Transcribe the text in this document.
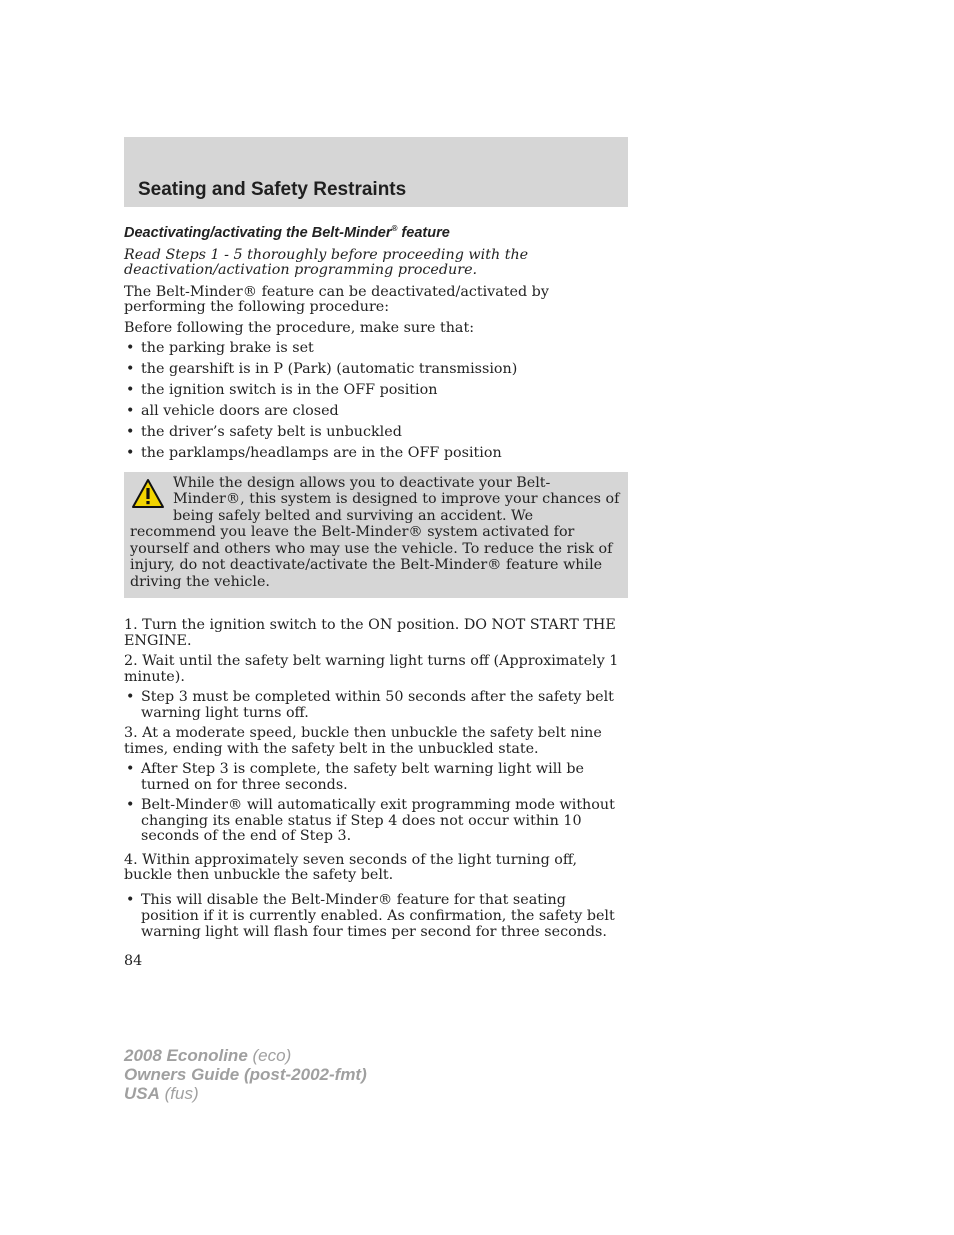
Seating and Safety Restraints
Deactivating/activating the Belt-Minder® feature

Read Steps 1 - 5 thoroughly before proceeding with the deactivation/activation programming procedure.

The Belt-Minder® feature can be deactivated/activated by performing the following procedure:

Before following the procedure, make sure that:

• the parking brake is set
• the gearshift is in P (Park) (automatic transmission)
• the ignition switch is in the OFF position
• all vehicle doors are closed
• the driver’s safety belt is unbuckled
• the parklamps/headlamps are in the OFF position
While the design allows you to deactivate your Belt-Minder®, this system is designed to improve your chances of being safely belted and surviving an accident. We recommend you leave the Belt-Minder® system activated for yourself and others who may use the vehicle. To reduce the risk of injury, do not deactivate/activate the Belt-Minder® feature while driving the vehicle.

1. Turn the ignition switch to the ON position. DO NOT START THE ENGINE.

2. Wait until the safety belt warning light turns off (Approximately 1 minute).

• Step 3 must be completed within 50 seconds after the safety belt warning light turns off.

3. At a moderate speed, buckle then unbuckle the safety belt nine times, ending with the safety belt in the unbuckled state.

• After Step 3 is complete, the safety belt warning light will be turned on for three seconds.
• Belt-Minder® will automatically exit programming mode without changing its enable status if Step 4 does not occur within 10 seconds of the end of Step 3.

4. Within approximately seven seconds of the light turning off, buckle then unbuckle the safety belt.

• This will disable the Belt-Minder® feature for that seating position if it is currently enabled. As confirmation, the safety belt warning light will flash four times per second for three seconds.
84
2008 Econoline (eco)
Owners Guide (post-2002-fmt)
USA (fus)
